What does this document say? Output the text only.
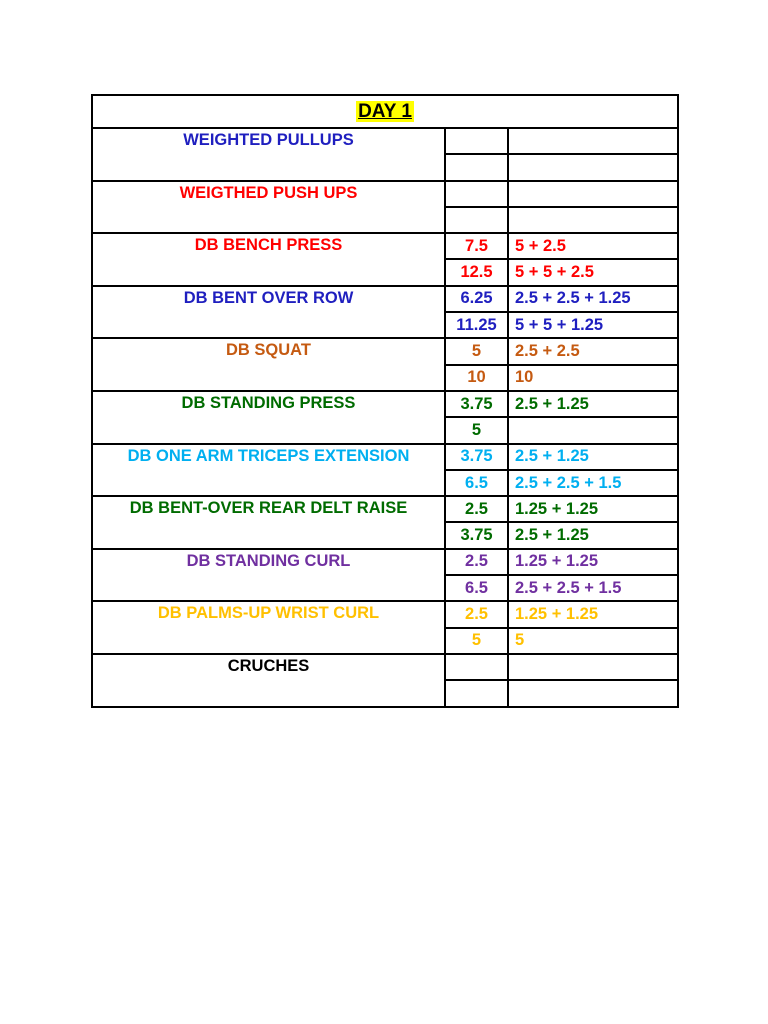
DAY 1		
WEIGHTED PULLUPS		

WEIGTHED PUSH UPS		

DB BENCH PRESS	7.5	5 + 2.5
	12.5	5 + 5 + 2.5
DB BENT OVER ROW	6.25	2.5 + 2.5 + 1.25
	11.25	5 + 5 + 1.25
DB SQUAT	5	2.5 + 2.5
	10	10
DB STANDING PRESS	3.75	2.5 + 1.25
	5	
DB ONE ARM TRICEPS EXTENSION	3.75	2.5 + 1.25
	6.5	2.5 + 2.5 + 1.5
DB BENT-OVER REAR DELT RAISE	2.5	1.25 + 1.25
	3.75	2.5 + 1.25
DB STANDING CURL	2.5	1.25 + 1.25
	6.5	2.5 + 2.5 + 1.5
DB PALMS-UP WRIST CURL	2.5	1.25 + 1.25
	5	5
CRUCHES		
